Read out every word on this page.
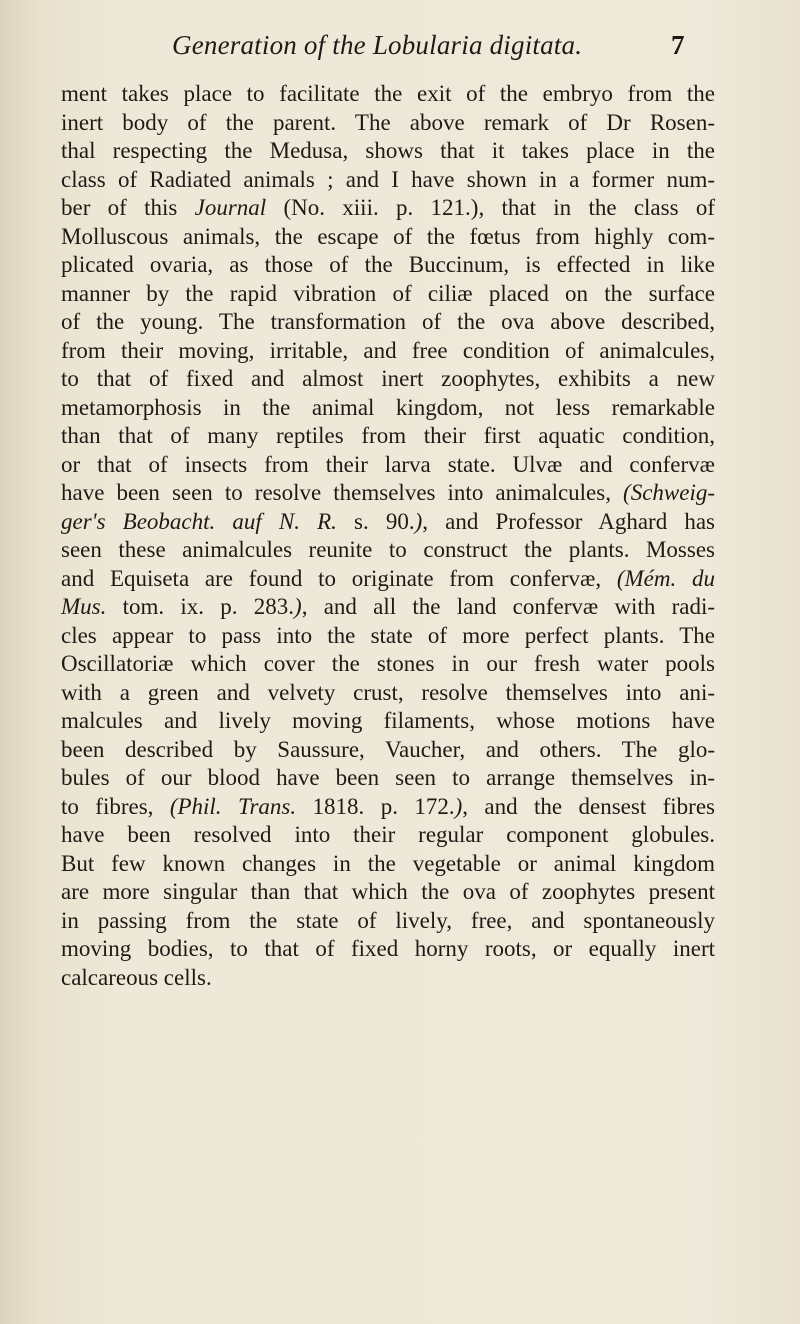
Generation of the Lobularia digitata.	7
ment takes place to facilitate the exit of the embryo from the
inert body of the parent. The above remark of Dr Rosen-
thal respecting the Medusa, shows that it takes place in the
class of Radiated animals ; and I have shown in a former num-
ber of this Journal (No. xiii. p. 121.), that in the class of
Molluscous animals, the escape of the fœtus from highly com-
plicated ovaria, as those of the Buccinum, is effected in like
manner by the rapid vibration of ciliæ placed on the surface
of the young. The transformation of the ova above described,
from their moving, irritable, and free condition of animalcules,
to that of fixed and almost inert zoophytes, exhibits a new
metamorphosis in the animal kingdom, not less remarkable
than that of many reptiles from their first aquatic condition,
or that of insects from their larva state. Ulvæ and confervæ
have been seen to resolve themselves into animalcules, (Schweig-
ger's Beobacht. auf N. R. s. 90.), and Professor Aghard has
seen these animalcules reunite to construct the plants. Mosses
and Equiseta are found to originate from confervæ, (Mém. du
Mus. tom. ix. p. 283.), and all the land confervæ with radi-
cles appear to pass into the state of more perfect plants. The
Oscillatoriæ which cover the stones in our fresh water pools
with a green and velvety crust, resolve themselves into ani-
malcules and lively moving filaments, whose motions have
been described by Saussure, Vaucher, and others. The glo-
bules of our blood have been seen to arrange themselves in-
to fibres, (Phil. Trans. 1818. p. 172.), and the densest fibres
have been resolved into their regular component globules.
But few known changes in the vegetable or animal kingdom
are more singular than that which the ova of zoophytes present
in passing from the state of lively, free, and spontaneously
moving bodies, to that of fixed horny roots, or equally inert
calcareous cells.
